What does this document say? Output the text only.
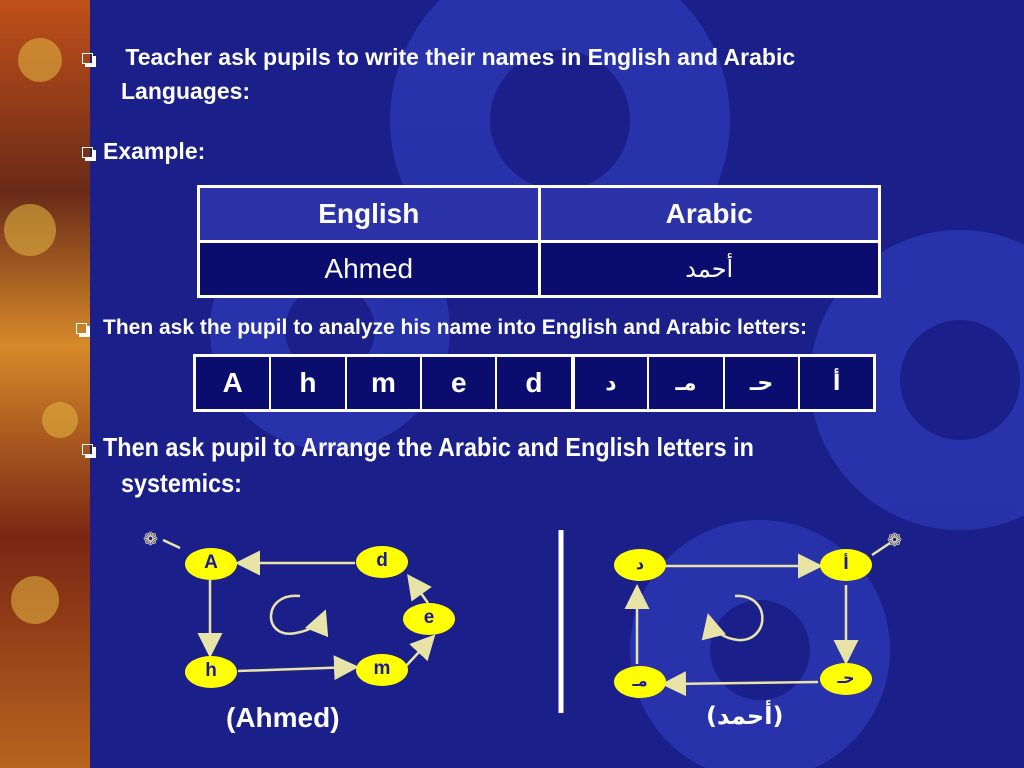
Teacher ask pupils to write their names in English and Arabic
Languages:
Example:
English	Arabic
Ahmed	أحمد
Then ask the pupil to analyze his name into English and Arabic letters:
A	h	m	e	d	د	مـ	حـ	أ
Then ask pupil to Arrange the Arabic and English letters in
systemics:
❁	❁
A	d
e
h	m
(Ahmed)
د	أ
مـ	حـ
(أحمد)
